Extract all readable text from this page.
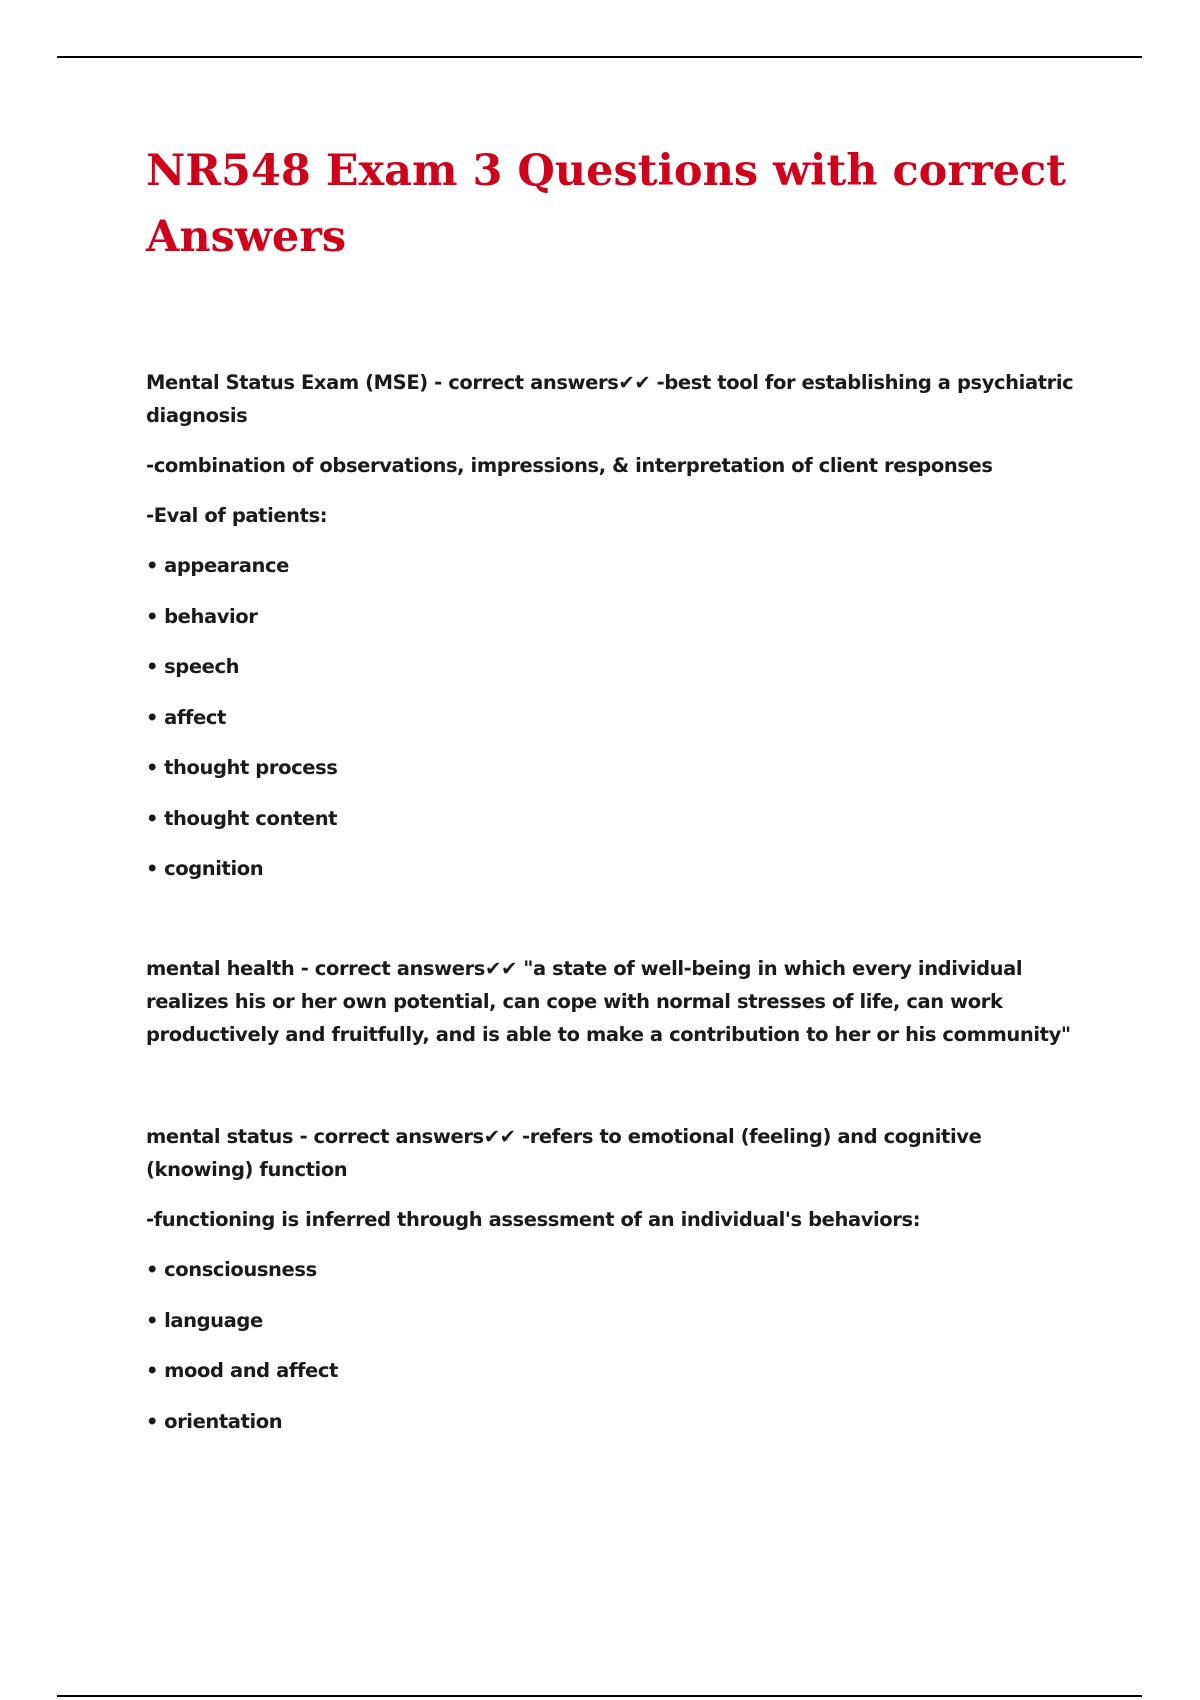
NR548 Exam 3 Questions with correct Answers

Mental Status Exam (MSE) - correct answers✔✔ -best tool for establishing a psychiatric diagnosis

-combination of observations, impressions, & interpretation of client responses

-Eval of patients:

• appearance
• behavior
• speech
• affect
• thought process
• thought content
• cognition

mental health - correct answers✔✔ "a state of well-being in which every individual realizes his or her own potential, can cope with normal stresses of life, can work productively and fruitfully, and is able to make a contribution to her or his community"

mental status - correct answers✔✔ -refers to emotional (feeling) and cognitive (knowing) function

-functioning is inferred through assessment of an individual's behaviors:

• consciousness
• language
• mood and affect
• orientation
